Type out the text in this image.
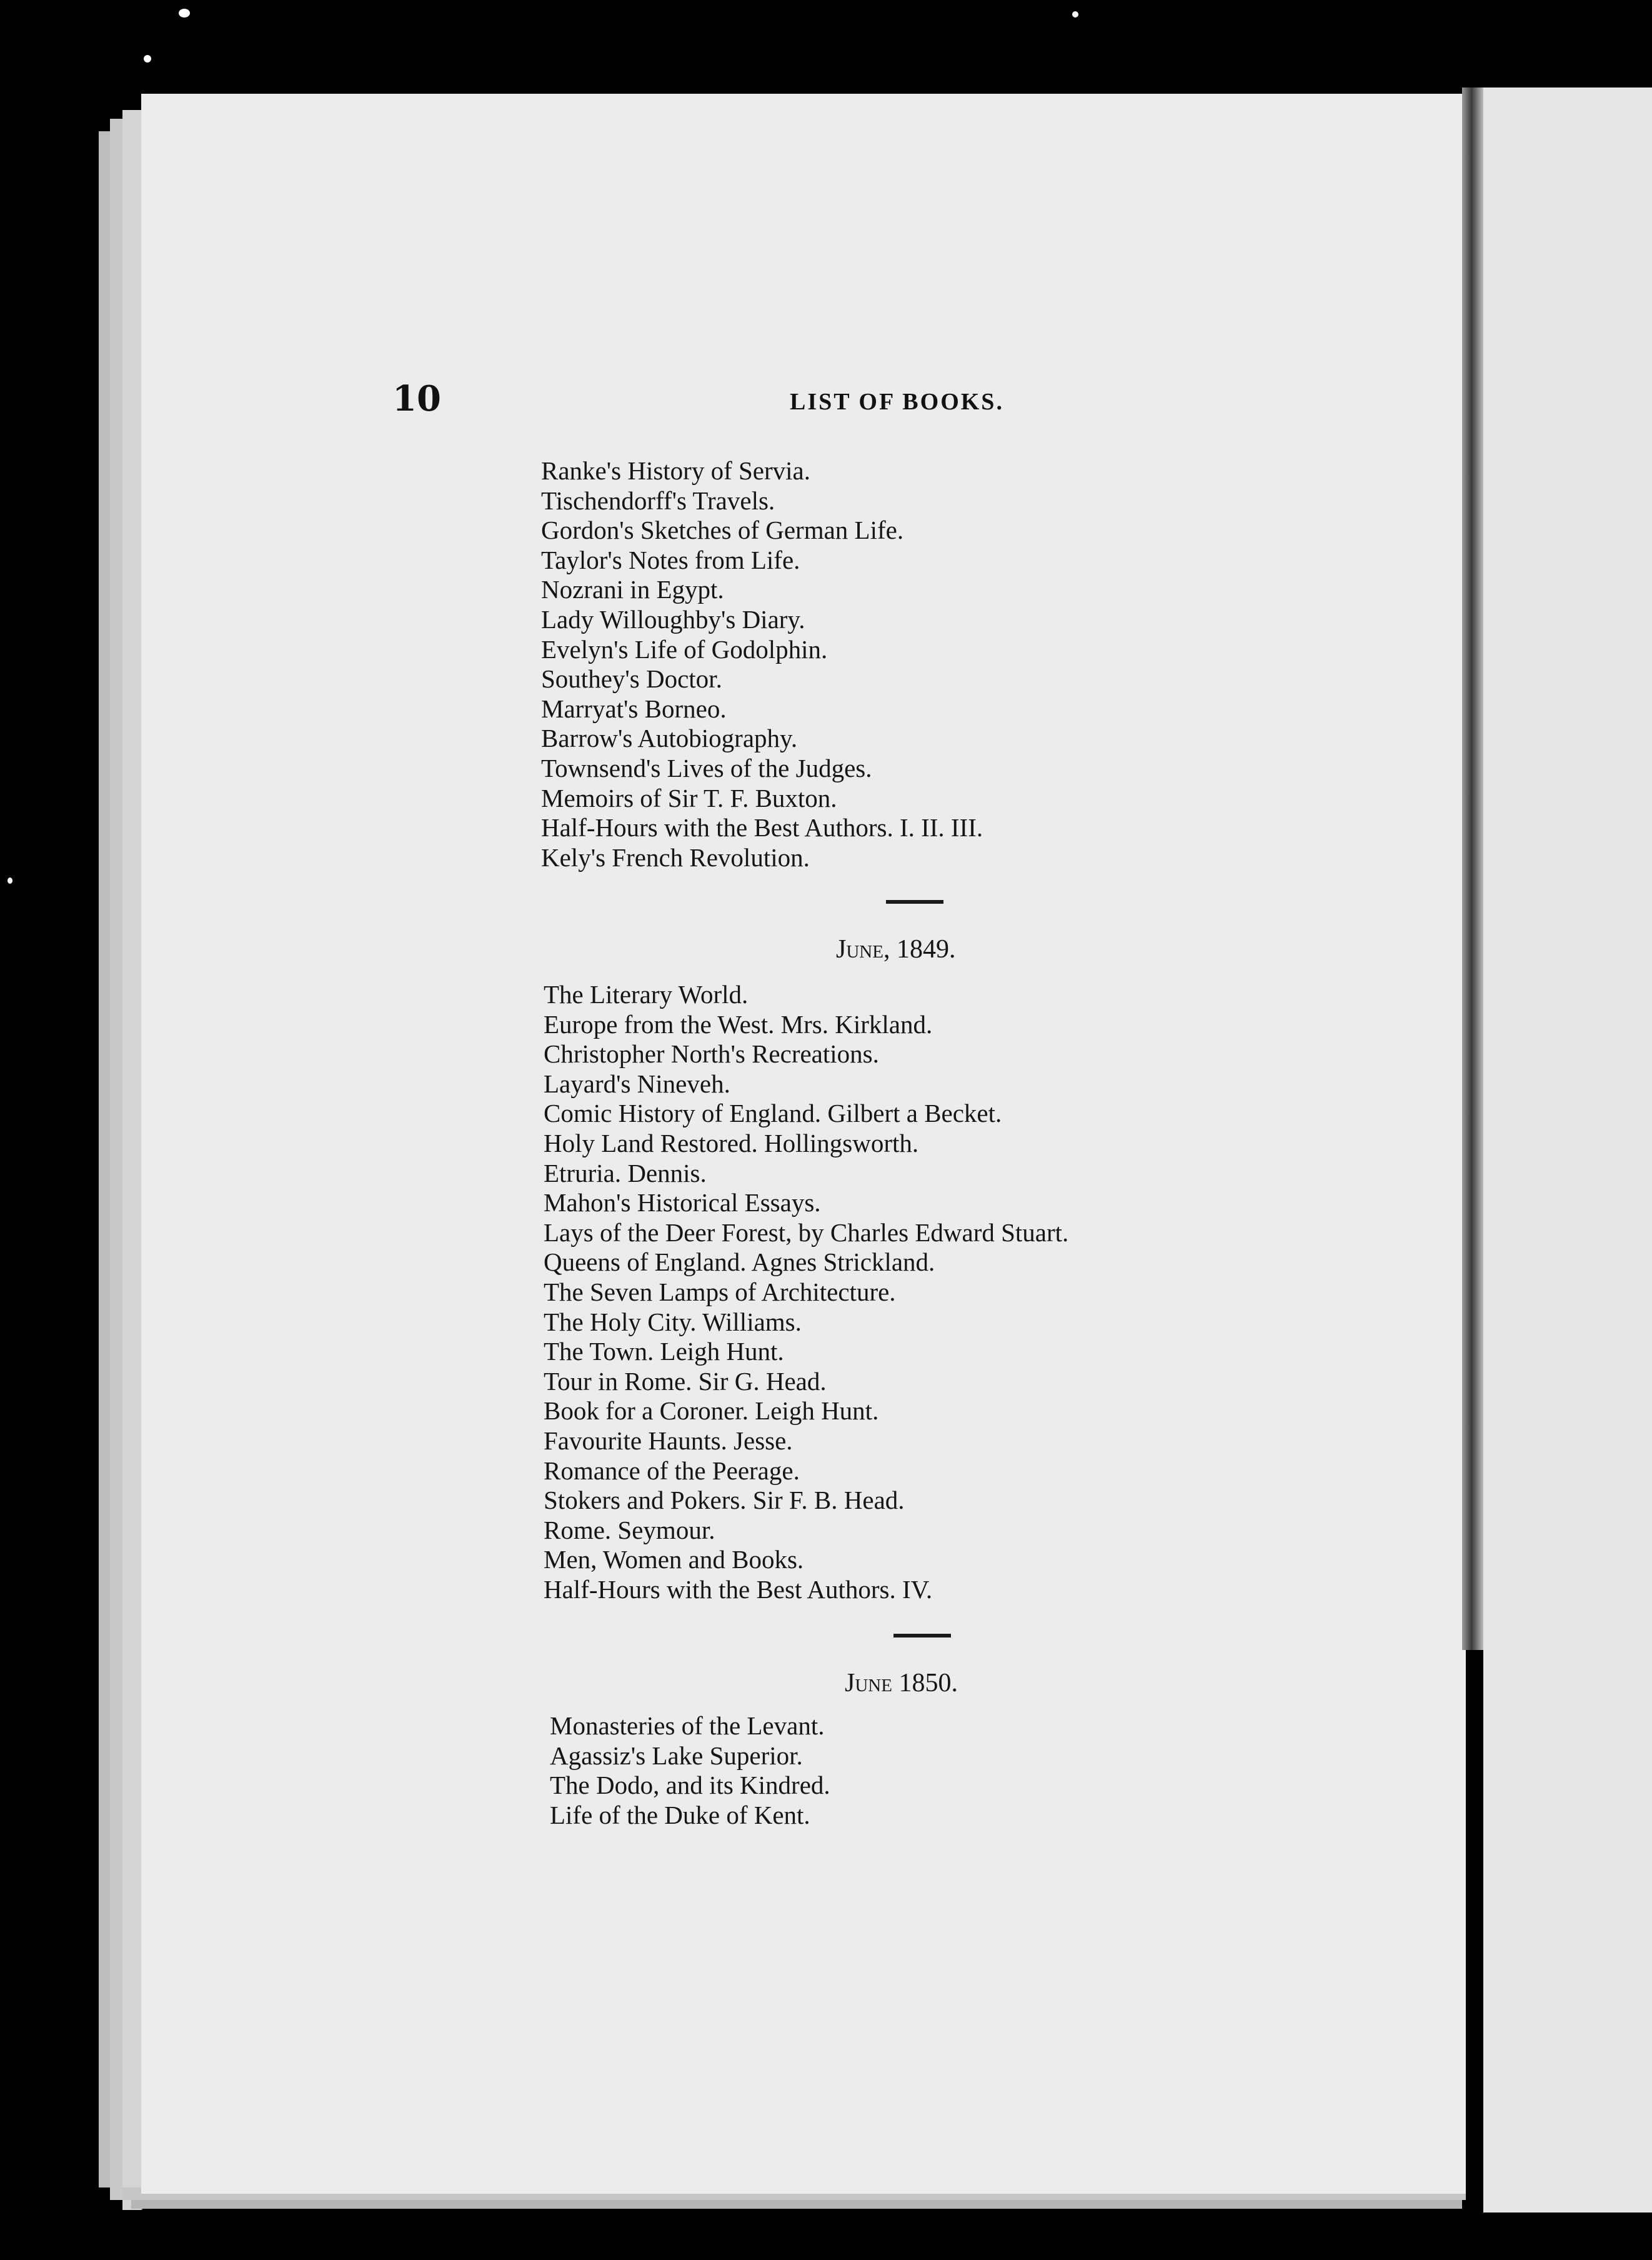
10	LIST OF BOOKS.
Ranke's History of Servia.
Tischendorff's Travels.
Gordon's Sketches of German Life.
Taylor's Notes from Life.
Nozrani in Egypt.
Lady Willoughby's Diary.
Evelyn's Life of Godolphin.
Southey's Doctor.
Marryat's Borneo.
Barrow's Autobiography.
Townsend's Lives of the Judges.
Memoirs of Sir T. F. Buxton.
Half-Hours with the Best Authors. I. II. III.
Kely's French Revolution.
June, 1849.
The Literary World.
Europe from the West. Mrs. Kirkland.
Christopher North's Recreations.
Layard's Nineveh.
Comic History of England. Gilbert a Becket.
Holy Land Restored. Hollingsworth.
Etruria. Dennis.
Mahon's Historical Essays.
Lays of the Deer Forest, by Charles Edward Stuart.
Queens of England. Agnes Strickland.
The Seven Lamps of Architecture.
The Holy City. Williams.
The Town. Leigh Hunt.
Tour in Rome. Sir G. Head.
Book for a Coroner. Leigh Hunt.
Favourite Haunts. Jesse.
Romance of the Peerage.
Stokers and Pokers. Sir F. B. Head.
Rome. Seymour.
Men, Women and Books.
Half-Hours with the Best Authors. IV.
June 1850.
Monasteries of the Levant.
Agassiz's Lake Superior.
The Dodo, and its Kindred.
Life of the Duke of Kent.
